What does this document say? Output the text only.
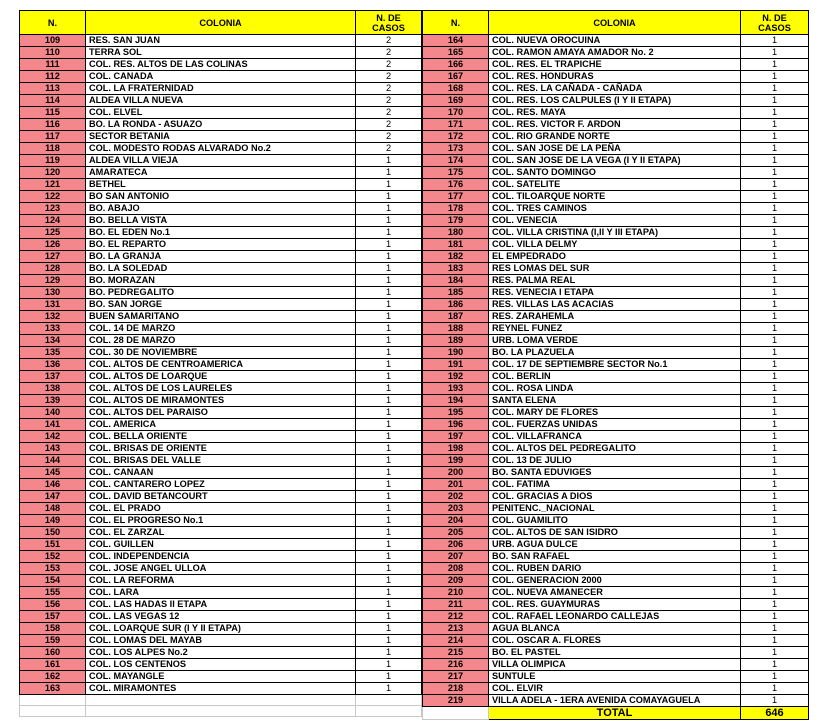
N.	COLONIA	N. DE
CASOS
109	RES. SAN JUAN	2
110	TERRA SOL	2
111	COL. RES. ALTOS DE LAS COLINAS	2
112	COL. CANADA	2
113	COL. LA FRATERNIDAD	2
114	ALDEA VILLA NUEVA	2
115	COL. ELVEL	2
116	BO. LA RONDA - ASUAZO	2
117	SECTOR BETANIA	2
118	COL. MODESTO RODAS ALVARADO No.2	2
119	ALDEA VILLA VIEJA	1
120	AMARATECA	1
121	BETHEL	1
122	BO SAN ANTONIO	1
123	BO. ABAJO	1
124	BO. BELLA VISTA	1
125	BO. EL EDEN No.1	1
126	BO. EL REPARTO	1
127	BO. LA GRANJA	1
128	BO. LA SOLEDAD	1
129	BO. MORAZAN	1
130	BO. PEDREGALITO	1
131	BO. SAN JORGE	1
132	BUEN SAMARITANO	1
133	COL. 14 DE MARZO	1
134	COL. 28 DE MARZO	1
135	COL. 30 DE NOVIEMBRE	1
136	COL. ALTOS DE CENTROAMERICA	1
137	COL. ALTOS DE LOARQUE	1
138	COL. ALTOS DE LOS LAURELES	1
139	COL. ALTOS DE MIRAMONTES	1
140	COL. ALTOS DEL PARAISO	1
141	COL. AMERICA	1
142	COL. BELLA ORIENTE	1
143	COL. BRISAS DE ORIENTE	1
144	COL. BRISAS DEL VALLE	1
145	COL. CANAAN	1
146	COL. CANTARERO LOPEZ	1
147	COL. DAVID BETANCOURT	1
148	COL. EL PRADO	1
149	COL. EL PROGRESO No.1	1
150	COL. EL ZARZAL	1
151	COL. GUILLEN	1
152	COL. INDEPENDENCIA	1
153	COL. JOSE ANGEL ULLOA	1
154	COL. LA REFORMA	1
155	COL. LARA	1
156	COL. LAS HADAS II ETAPA	1
157	COL. LAS VEGAS 12	1
158	COL. LOARQUE SUR (I Y II ETAPA)	1
159	COL. LOMAS DEL MAYAB	1
160	COL. LOS ALPES No.2	1
161	COL. LOS CENTENOS	1
162	COL. MAYANGLE	1
163	COL. MIRAMONTES	1

N.	COLONIA	N. DE
CASOS
164	COL. NUEVA OROCUINA	1
165	COL. RAMON AMAYA AMADOR No. 2	1
166	COL. RES. EL TRAPICHE	1
167	COL. RES. HONDURAS	1
168	COL. RES. LA CAÑADA - CAÑADA	1
169	COL. RES. LOS CALPULES (I Y II ETAPA)	1
170	COL. RES. MAYA	1
171	COL. RES. VICTOR F. ARDON	1
172	COL. RIO GRANDE NORTE	1
173	COL. SAN JOSE DE LA PEÑA	1
174	COL. SAN JOSE DE LA VEGA (I Y II ETAPA)	1
175	COL. SANTO DOMINGO	1
176	COL. SATELITE	1
177	COL. TILOARQUE NORTE	1
178	COL. TRES CAMINOS	1
179	COL. VENECIA	1
180	COL. VILLA CRISTINA (I,II Y III ETAPA)	1
181	COL. VILLA DELMY	1
182	EL EMPEDRADO	1
183	RES LOMAS DEL SUR	1
184	RES. PALMA REAL	1
185	RES. VENECIA I ETAPA	1
186	RES. VILLAS LAS ACACIAS	1
187	RES. ZARAHEMLA	1
188	REYNEL FUNEZ	1
189	URB. LOMA VERDE	1
190	BO. LA PLAZUELA	1
191	COL. 17 DE SEPTIEMBRE SECTOR No.1	1
192	COL. BERLIN	1
193	COL. ROSA LINDA	1
194	SANTA ELENA	1
195	COL. MARY DE FLORES	1
196	COL. FUERZAS UNIDAS	1
197	COL. VILLAFRANCA	1
198	COL. ALTOS DEL PEDREGALITO	1
199	COL. 13 DE JULIO	1
200	BO. SANTA EDUVIGES	1
201	COL. FATIMA	1
202	COL. GRACIAS A DIOS	1
203	PENITENC._NACIONAL	1
204	COL. GUAMILITO	1
205	COL. ALTOS DE SAN ISIDRO	1
206	URB. AGUA DULCE	1
207	BO. SAN RAFAEL	1
208	COL. RUBEN DARIO	1
209	COL. GENERACION 2000	1
210	COL. NUEVA AMANECER	1
211	COL. RES. GUAYMURAS	1
212	COL. RAFAEL LEONARDO CALLEJAS	1
213	AGUA BLANCA	1
214	COL. OSCAR A. FLORES	1
215	BO. EL PASTEL	1
216	VILLA OLIMPICA	1
217	SUNTULE	1
218	COL. ELVIR	1
219	VILLA ADELA - 1ERA AVENIDA COMAYAGUELA	1
	TOTAL	646
